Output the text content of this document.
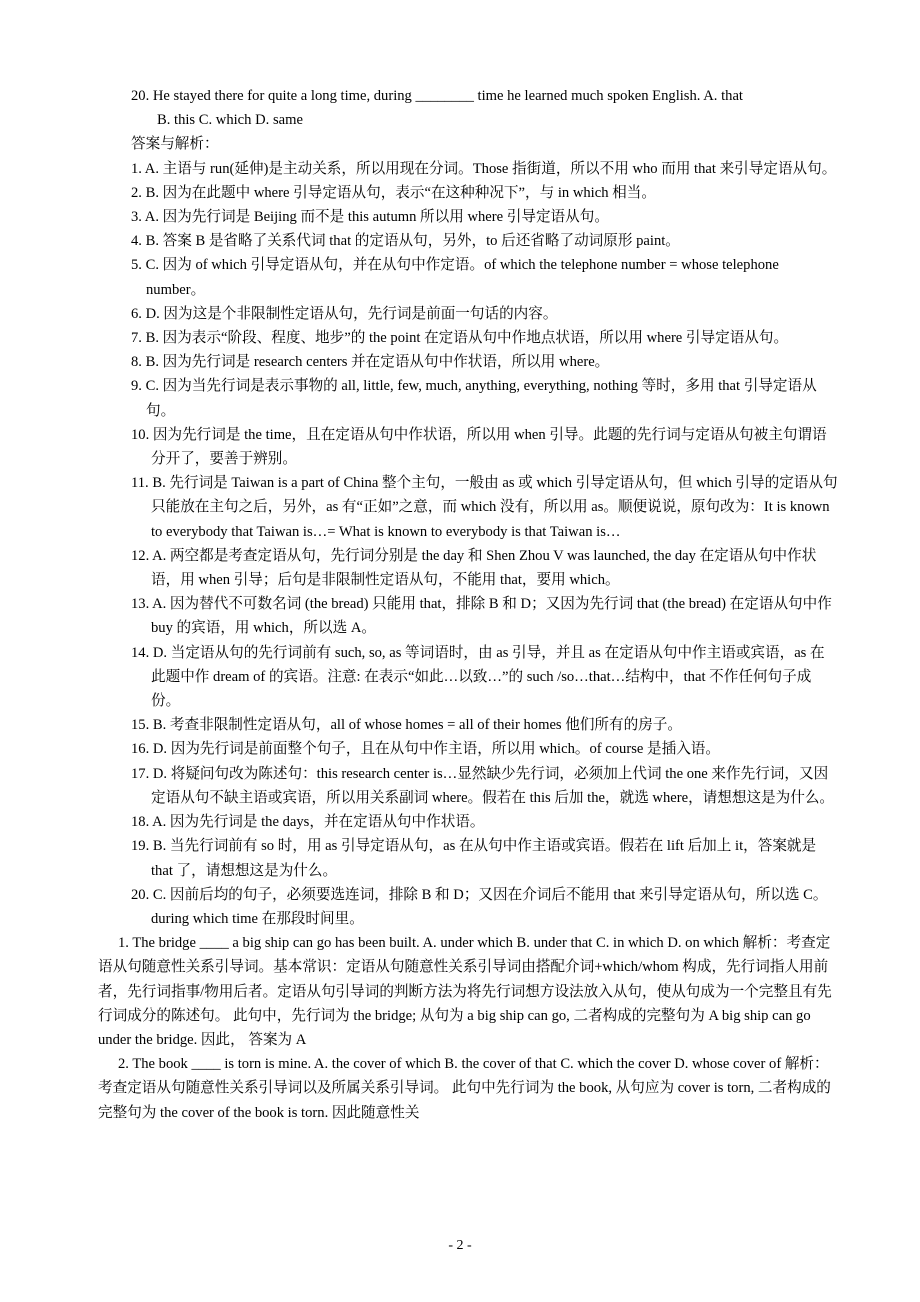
20. He stayed there for quite a long time, during ________ time he learned much spoken English. A. that
B. this C. which D. same
答案与解析：
1. A. 主语与 run(延伸)是主动关系，所以用现在分词。Those 指街道，所以不用 who 而用 that 来引导定语从句。
2. B. 因为在此题中 where 引导定语从句，表示“在这种种况下”，与 in which 相当。
3. A. 因为先行词是 Beijing 而不是 this autumn 所以用 where 引导定语从句。
4. B. 答案 B 是省略了关系代词 that 的定语从句，另外，to 后还省略了动词原形 paint。
5. C. 因为 of which 引导定语从句，并在从句中作定语。of which the telephone number = whose telephone number。
6. D. 因为这是个非限制性定语从句，先行词是前面一句话的内容。
7. B. 因为表示“阶段、程度、地步”的 the point 在定语从句中作地点状语，所以用 where 引导定语从句。
8. B. 因为先行词是 research centers 并在定语从句中作状语，所以用 where。
9. C. 因为当先行词是表示事物的 all, little, few, much, anything, everything, nothing 等时，多用 that 引导定语从句。
10. 因为先行词是 the time，且在定语从句中作状语，所以用 when 引导。此题的先行词与定语从句被主句谓语分开了，要善于辨别。
11. B. 先行词是 Taiwan is a part of China 整个主句，一般由 as 或 which 引导定语从句，但 which 引导的定语从句只能放在主句之后，另外，as 有“正如”之意，而 which 没有，所以用 as。顺便说说，原句改为：It is known to everybody that Taiwan is…= What is known to everybody is that Taiwan is…
12. A. 两空都是考查定语从句，先行词分别是 the day 和 Shen Zhou V was launched, the day 在定语从句中作状语，用 when 引导；后句是非限制性定语从句，不能用 that，要用 which。
13. A. 因为替代不可数名词 (the bread) 只能用 that，排除 B 和 D；又因为先行词 that (the bread) 在定语从句中作 buy 的宾语，用 which，所以选 A。
14. D. 当定语从句的先行词前有 such, so, as 等词语时，由 as 引导，并且 as 在定语从句中作主语或宾语，as 在此题中作 dream of 的宾语。注意: 在表示“如此…以致…”的 such /so…that…结构中，that 不作任何句子成份。
15. B. 考查非限制性定语从句，all of whose homes = all of their homes 他们所有的房子。
16. D. 因为先行词是前面整个句子，且在从句中作主语，所以用 which。of course 是插入语。
17. D. 将疑问句改为陈述句：this research center is…显然缺少先行词，必须加上代词 the one 来作先行词，又因定语从句不缺主语或宾语，所以用关系副词 where。假若在 this 后加 the，就选 where，请想想这是为什么。
18. A. 因为先行词是 the days，并在定语从句中作状语。
19. B. 当先行词前有 so 时，用 as 引导定语从句，as 在从句中作主语或宾语。假若在 lift 后加上 it，答案就是 that 了，请想想这是为什么。
20. C. 因前后均的句子，必须要选连词，排除 B 和 D；又因在介词后不能用 that 来引导定语从句，所以选 C。during which time 在那段时间里。
1. The bridge ____ a big ship can go has been built. A. under which B. under that C. in which D. on which 解析：考查定语从句随意性关系引导词。基本常识：定语从句随意性关系引导词由搭配介词+which/whom 构成，先行词指人用前者，先行词指事/物用后者。定语从句引导词的判断方法为将先行词想方设法放入从句，使从句成为一个完整且有先行词成分的陈述句。 此句中，先行词为 the bridge; 从句为 a big ship can go, 二者构成的完整句为 A big ship can go under the bridge. 因此， 答案为 A
2. The book ____ is torn is mine. A. the cover of which B. the cover of that C. which the cover D. whose cover of 解析：考查定语从句随意性关系引导词以及所属关系引导词。 此句中先行词为 the book, 从句应为 cover is torn, 二者构成的完整句为 the cover of the book is torn. 因此随意性关
- 2 -
